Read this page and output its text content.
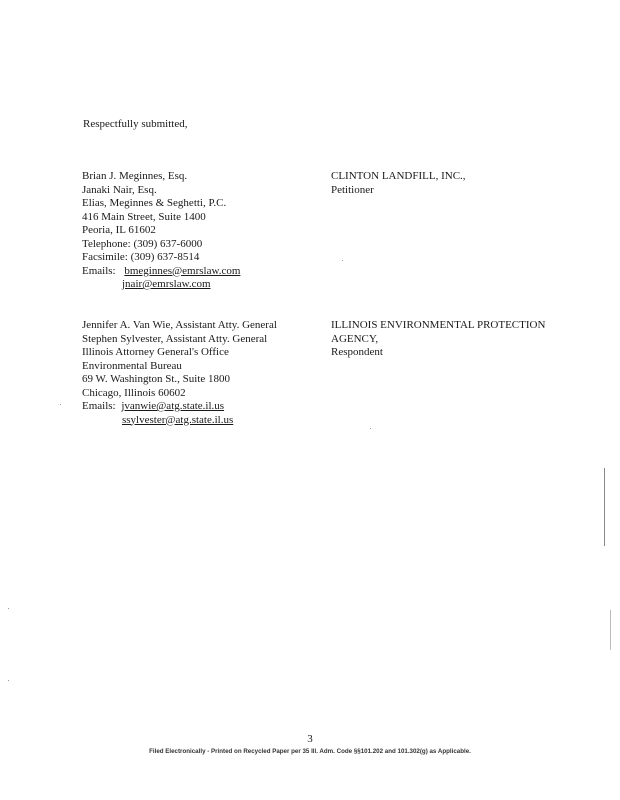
Respectfully submitted,
Brian J. Meginnes, Esq.
Janaki Nair, Esq.
Elias, Meginnes & Seghetti, P.C.
416 Main Street, Suite 1400
Peoria, IL 61602
Telephone: (309) 637-6000
Facsimile: (309) 637-8514
Emails: bmeginnes@emrslaw.com
jnair@emrslaw.com
CLINTON LANDFILL, INC.,
Petitioner
Jennifer A. Van Wie, Assistant Atty. General
Stephen Sylvester, Assistant Atty. General
Illinois Attorney General's Office
Environmental Bureau
69 W. Washington St., Suite 1800
Chicago, Illinois 60602
Emails: jvanwie@atg.state.il.us
ssylvester@atg.state.il.us
ILLINOIS ENVIRONMENTAL PROTECTION
AGENCY,
Respondent
3
Filed Electronically - Printed on Recycled Paper per 35 Ill. Adm. Code §§101.202 and 101.302(g) as Applicable.
